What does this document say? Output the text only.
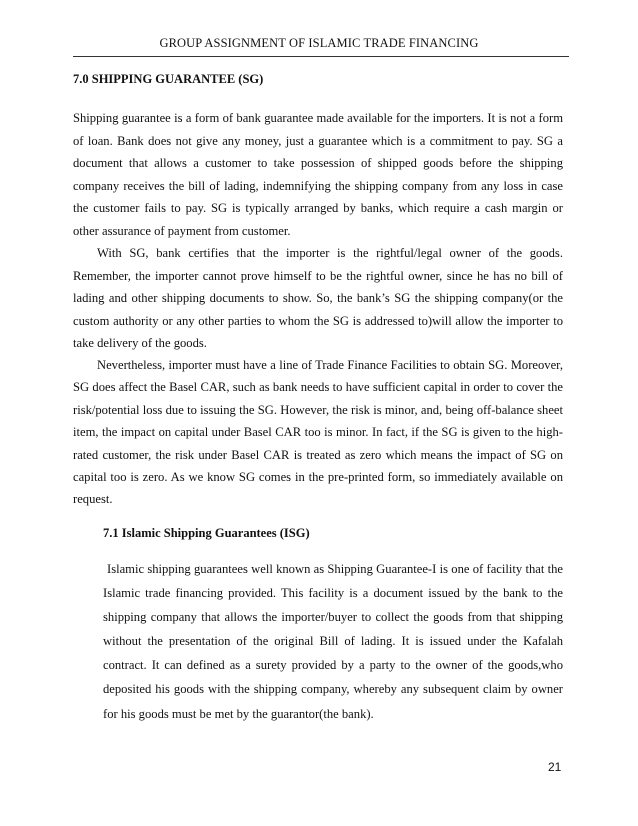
GROUP ASSIGNMENT OF ISLAMIC TRADE FINANCING
7.0 SHIPPING GUARANTEE (SG)

Shipping guarantee is a form of bank guarantee made available for the importers. It is not a form of loan. Bank does not give any money, just a guarantee which is a commitment to pay. SG a document that allows a customer to take possession of shipped goods before the shipping company receives the bill of lading, indemnifying the shipping company from any loss in case the customer fails to pay. SG is typically arranged by banks, which require a cash margin or other assurance of payment from customer.

With SG, bank certifies that the importer is the rightful/legal owner of the goods. Remember, the importer cannot prove himself to be the rightful owner, since he has no bill of lading and other shipping documents to show. So, the bank’s SG the shipping company(or the custom authority or any other parties to whom the SG is addressed to)will allow the importer to take delivery of the goods.

Nevertheless, importer must have a line of Trade Finance Facilities to obtain SG. Moreover, SG does affect the Basel CAR, such as bank needs to have sufficient capital in order to cover the risk/potential loss due to issuing the SG. However, the risk is minor, and, being off-balance sheet item, the impact on capital under Basel CAR too is minor. In fact, if the SG is given to the high-rated customer, the risk under Basel CAR is treated as zero which means the impact of SG on capital too is zero. As we know SG comes in the pre-printed form, so immediately available on request.

7.1 Islamic Shipping Guarantees (ISG)

Islamic shipping guarantees well known as Shipping Guarantee-I is one of facility that the Islamic trade financing provided. This facility is a document issued by the bank to the shipping company that allows the importer/buyer to collect the goods from that shipping without the presentation of the original Bill of lading. It is issued under the Kafalah contract. It can defined as a surety provided by a party to the owner of the goods,who deposited his goods with the shipping company, whereby any subsequent claim by owner for his goods must be met by the guarantor(the bank).

21
